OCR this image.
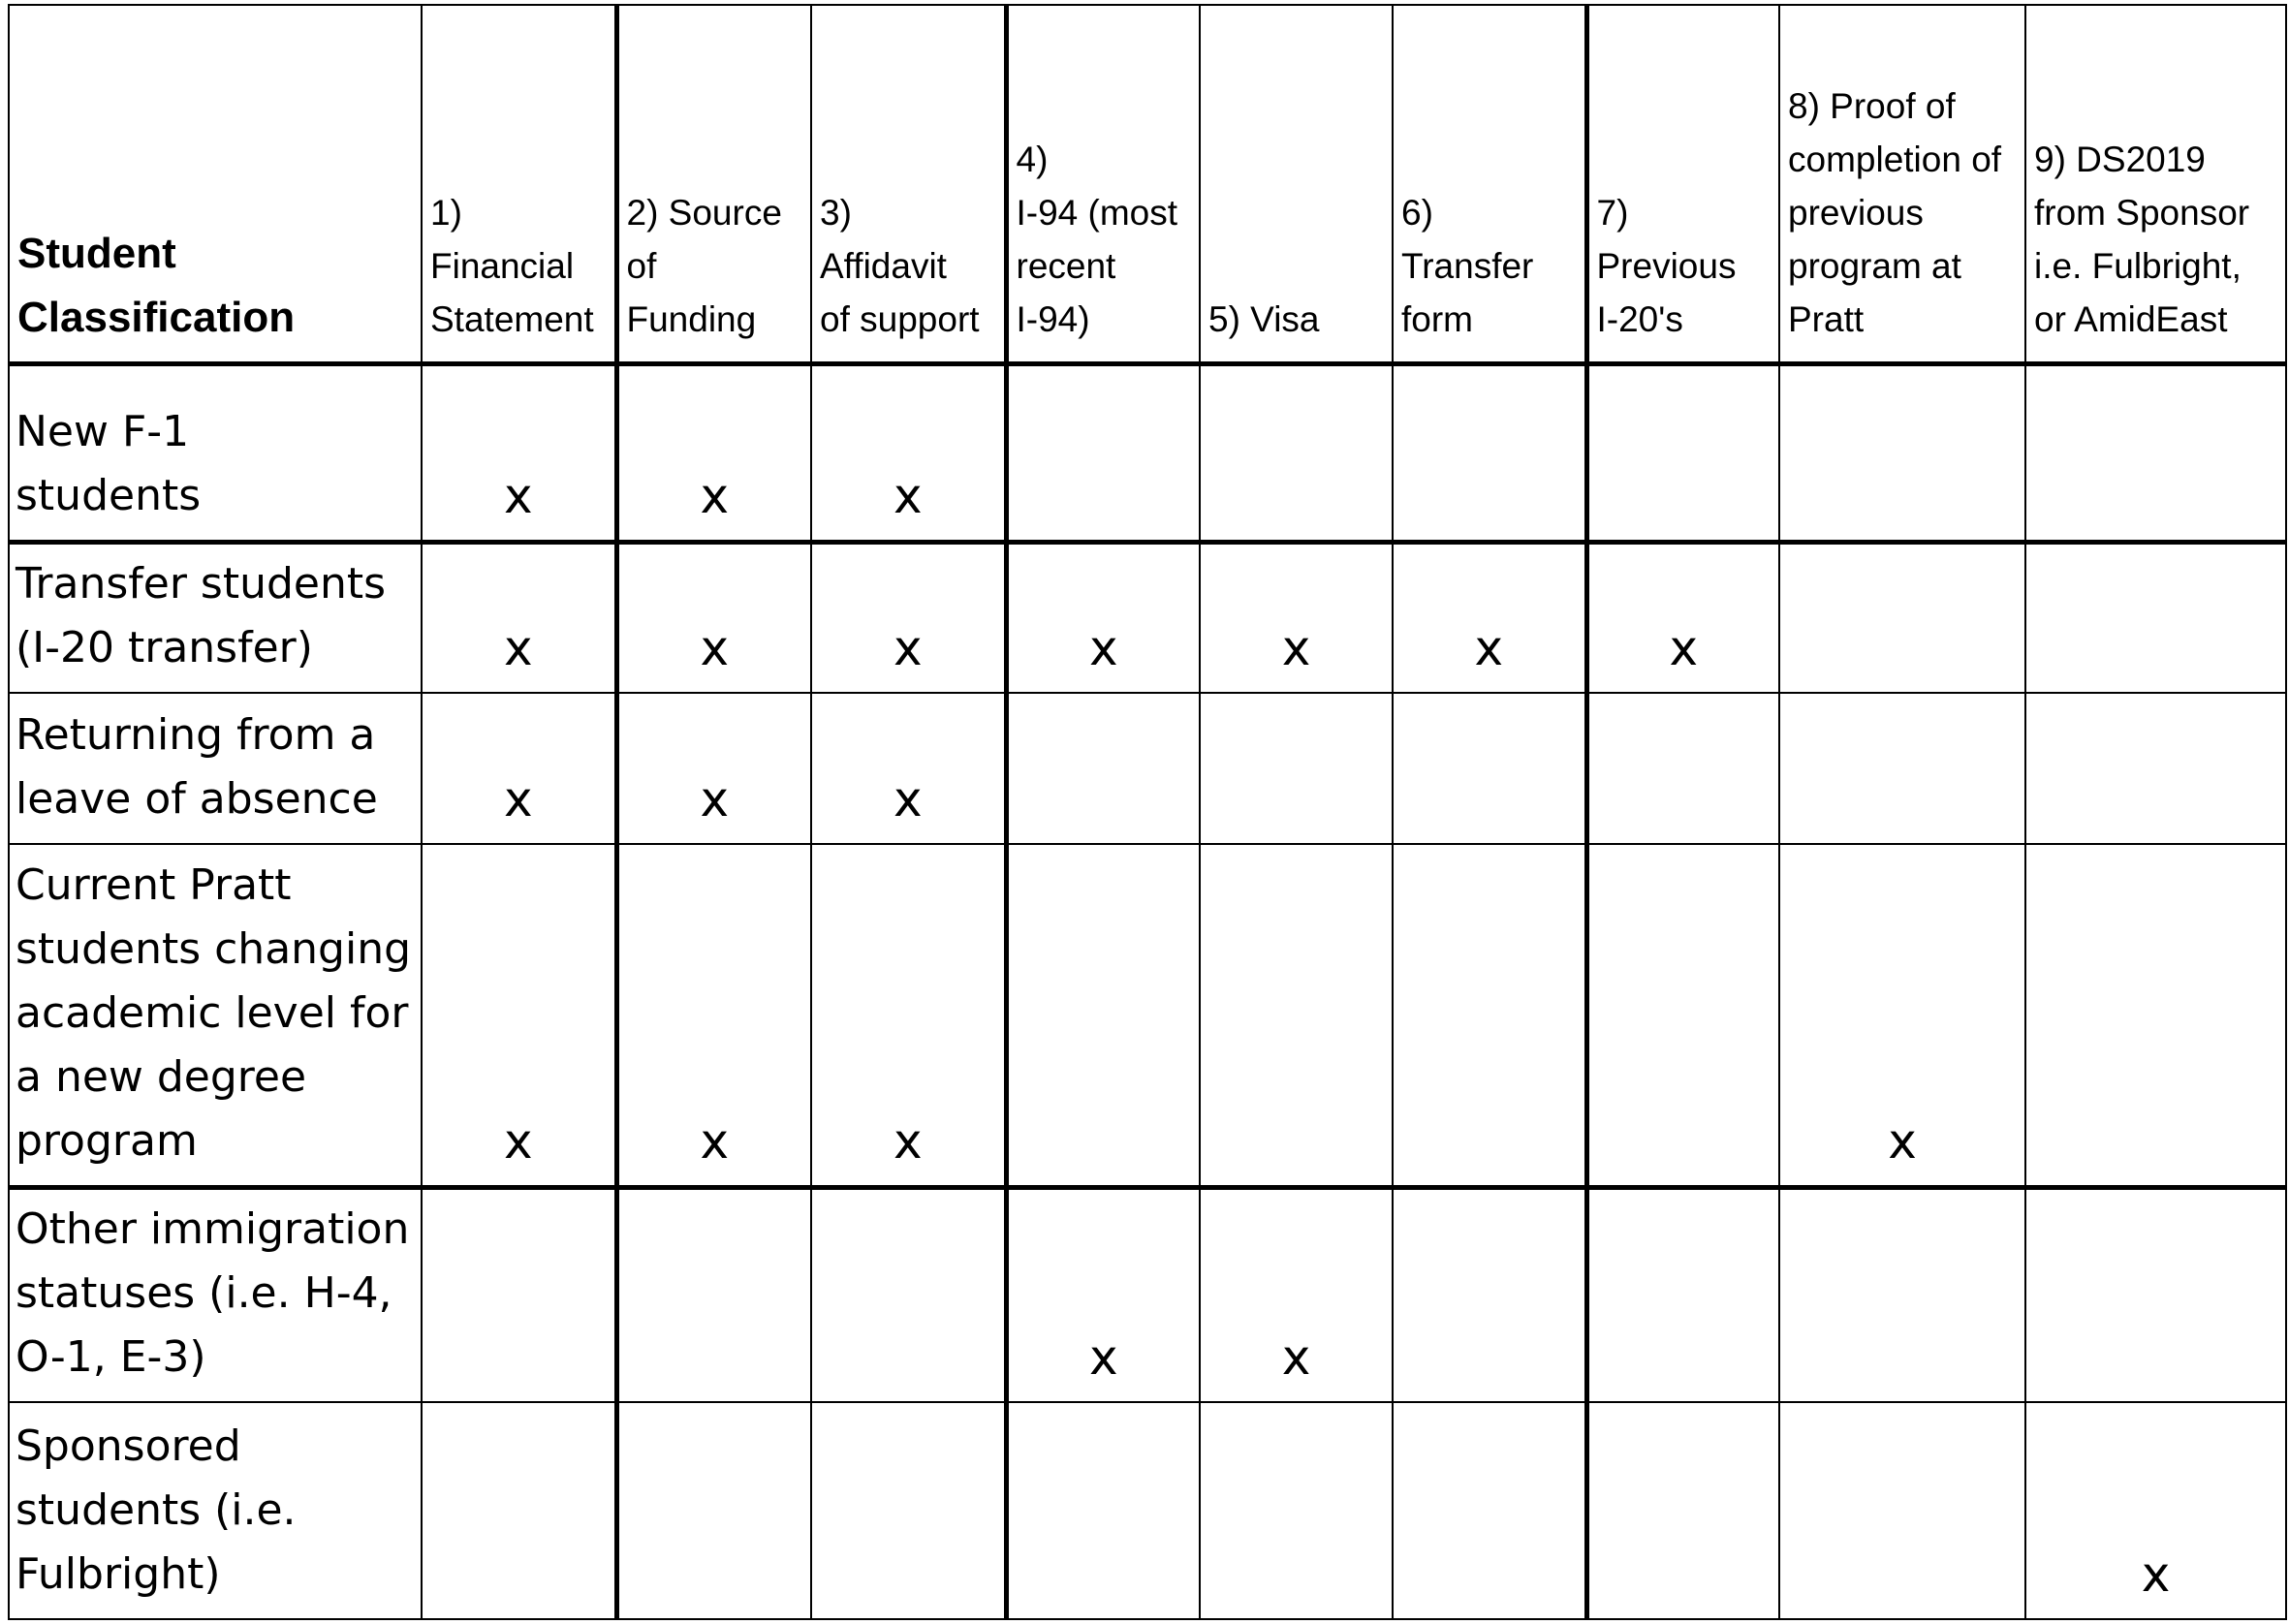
Student
Classification	1)
Financial
Statement	2) Source
of
Funding	3)
Affidavit
of support	4)
I-94 (most
recent
I-94)	5) Visa	6)
Transfer
form	7)
Previous
I-20's	8) Proof of
completion of
previous
program at
Pratt	9) DS2019
from Sponsor
i.e. Fulbright,
or AmidEast

New F-1
students	x	x	x						

Transfer students
(I-20 transfer)	x	x	x	x	x	x	x		

Returning from a
leave of absence	x	x	x						

Current Pratt
students changing
academic level for
a new degree
program	x	x	x					x	

Other immigration
statuses (i.e. H-4,
O-1, E-3)				x	x				

Sponsored
students (i.e.
Fulbright)									x
